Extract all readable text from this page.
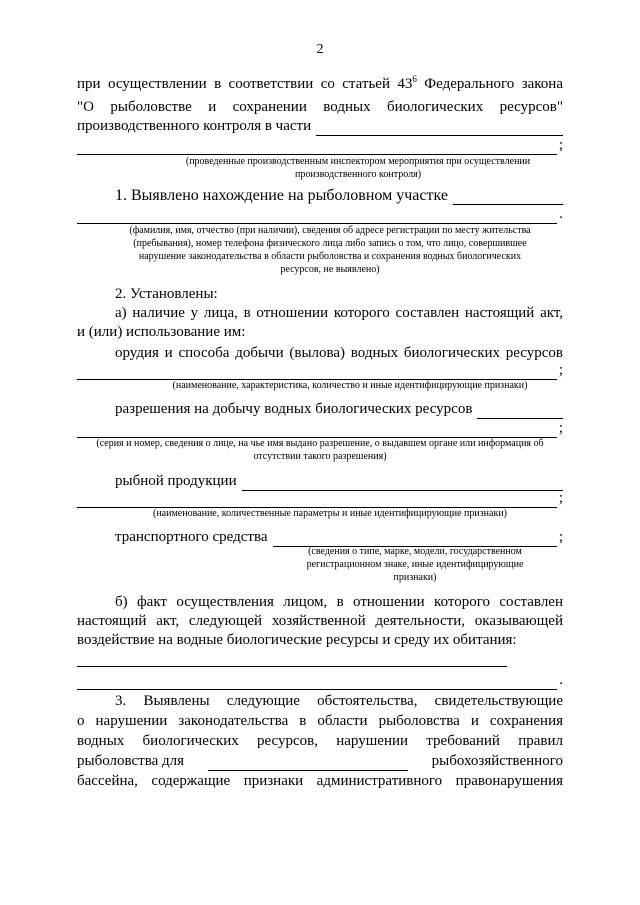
2
при осуществлении в соответствии со статьей $43^6$ Федерального закона
"О рыболовстве и сохранении водных биологических ресурсов"
производственного контроля в части
;
(проведенные производственным инспектором мероприятия при осуществлении производственного контроля)
1. Выявлено нахождение на рыболовном участке
.
(фамилия, имя, отчество (при наличии), сведения об адресе регистрации по месту жительства (пребывания), номер телефона физического лица либо запись о том, что лицо, совершившее нарушение законодательства в области рыболовства и сохранения водных биологических ресурсов, не выявлено)
2. Установлены:
а) наличие у лица, в отношении которого составлен настоящий акт,
и (или) использование им:
орудия и способа добычи (вылова) водных биологических ресурсов
;
(наименование, характеристика, количество и иные идентифицирующие признаки)
разрешения на добычу водных биологических ресурсов
;
(серия и номер, сведения о лице, на чье имя выдано разрешение, о выдавшем органе или информация об отсутствии такого разрешения)
рыбной продукции
;
(наименование, количественные параметры и иные идентифицирующие признаки)
транспортного средства	;
(сведения о типе, марке, модели, государственном регистрационном знаке, иные идентифицирующие признаки)
б) факт осуществления лицом, в отношении которого составлен настоящий акт, следующей хозяйственной деятельности, оказывающей воздействие на водные биологические ресурсы и среду их обитания:
.
3. Выявлены следующие обстоятельства, свидетельствующие
о нарушении законодательства в области рыболовства и сохранения
водных биологических ресурсов, нарушении требований правил
рыболовства для	рыбохозяйственного
бассейна, содержащие признаки административного правонарушения
